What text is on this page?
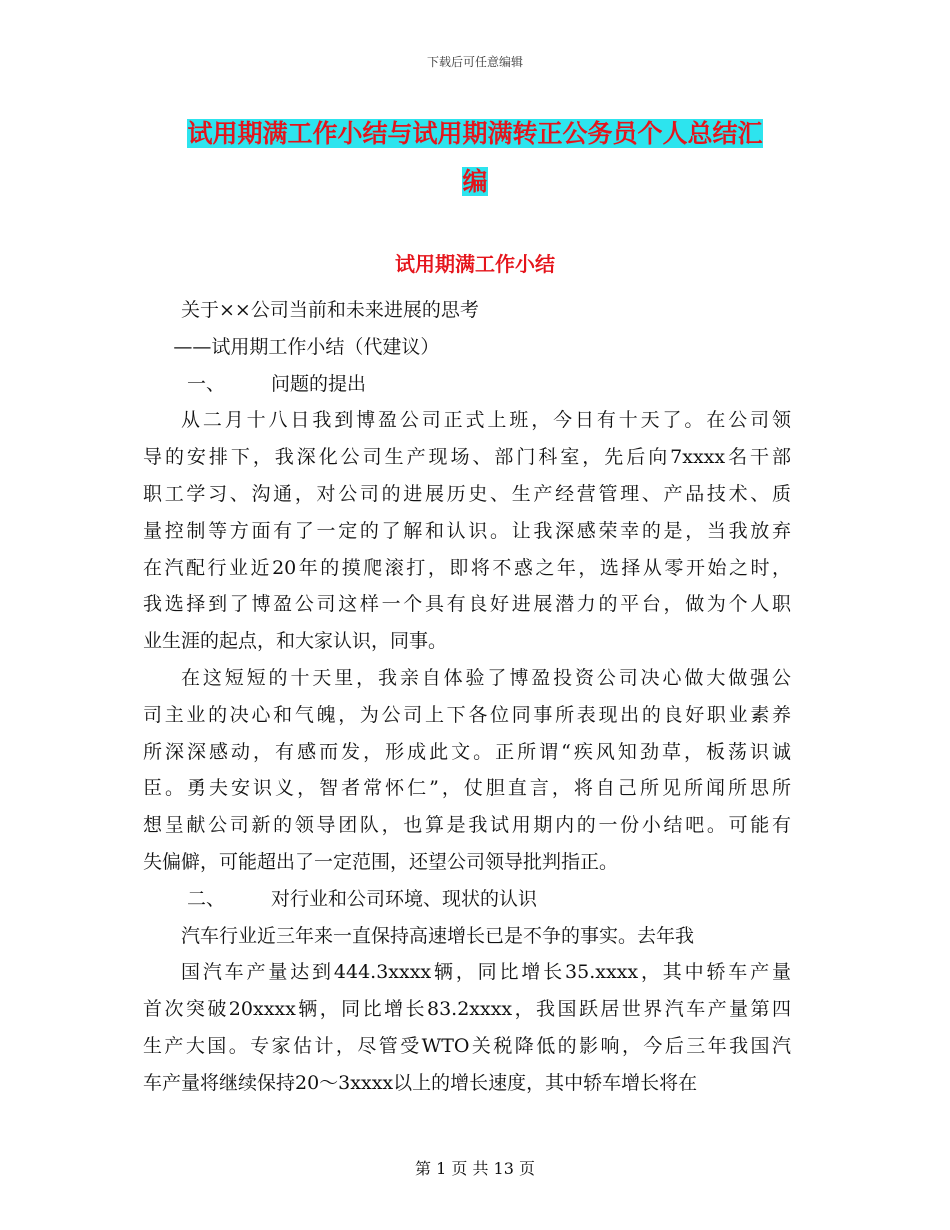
下载后可任意编辑
试用期满工作小结与试用期满转正公务员个人总结汇
编
试用期满工作小结

关于××公司当前和未来进展的思考

——试用期工作小结（代建议）

一、 问题的提出

从二月十八日我到博盈公司正式上班，今日有十天了。在公司领

导的安排下，我深化公司生产现场、部门科室，先后向7xxxx名干部

职工学习、沟通，对公司的进展历史、生产经营管理、产品技术、质

量控制等方面有了一定的了解和认识。让我深感荣幸的是，当我放弃

在汽配行业近20年的摸爬滚打，即将不惑之年，选择从零开始之时，

我选择到了博盈公司这样一个具有良好进展潜力的平台，做为个人职

业生涯的起点，和大家认识，同事。

在这短短的十天里，我亲自体验了博盈投资公司决心做大做强公

司主业的决心和气魄，为公司上下各位同事所表现出的良好职业素养

所深深感动，有感而发，形成此文。正所谓“疾风知劲草，板荡识诚

臣。勇夫安识义，智者常怀仁”，仗胆直言，将自己所见所闻所思所

想呈献公司新的领导团队，也算是我试用期内的一份小结吧。可能有

失偏僻，可能超出了一定范围，还望公司领导批判指正。

二、 对行业和公司环境、现状的认识

汽车行业近三年来一直保持高速增长已是不争的事实。去年我

国汽车产量达到444.3xxxx辆，同比增长35.xxxx，其中轿车产量

首次突破20xxxx辆，同比增长83.2xxxx，我国跃居世界汽车产量第四

生产大国。专家估计，尽管受WTO关税降低的影响，今后三年我国汽

车产量将继续保持20～3xxxx以上的增长速度，其中轿车增长将在

第 1 页 共 13 页
